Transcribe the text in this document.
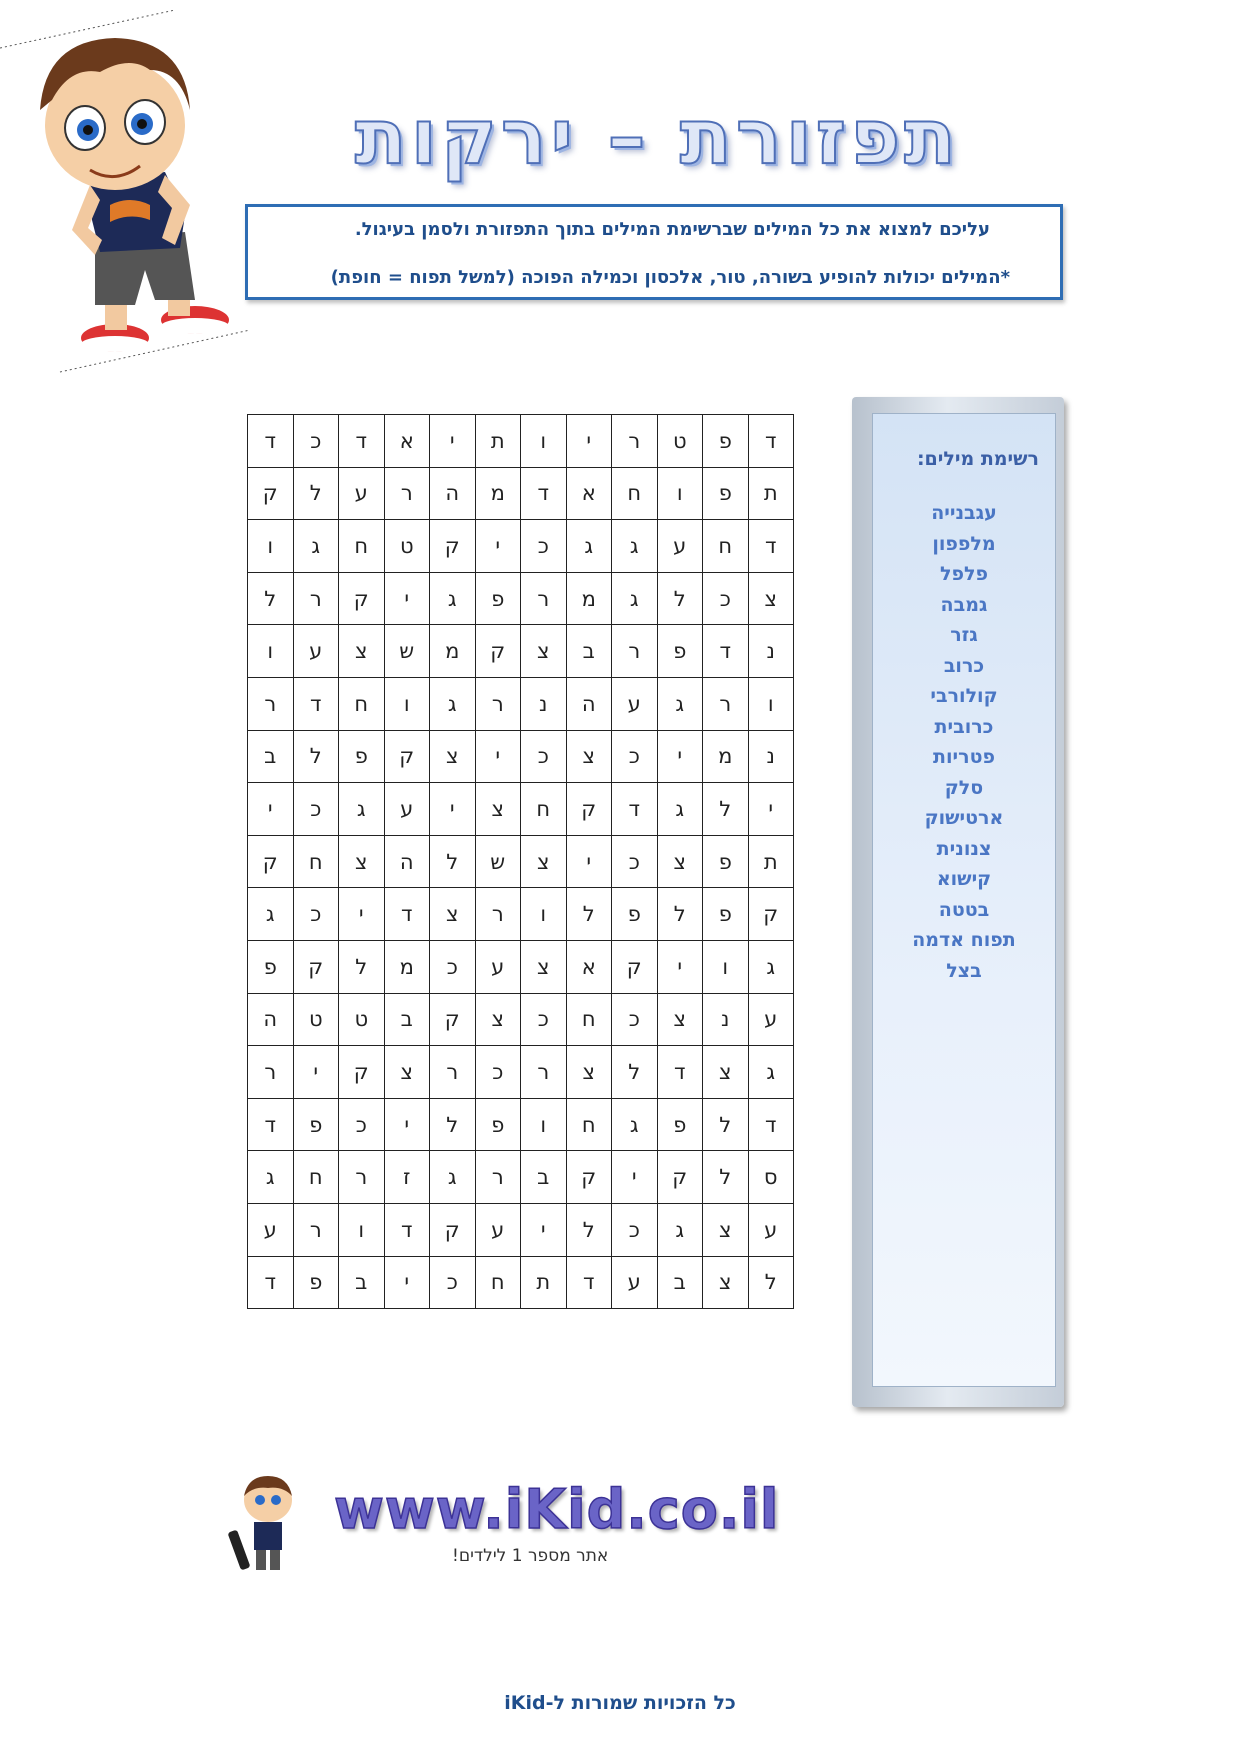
תפזורת – ירקות
עליכם למצוא את כל המילים שברשימת המילים בתוך התפזורת ולסמן בעיגול.
*המילים יכולות להופיע בשורה, טור, אלכסון וכמילה הפוכה (למשל תפוח = חופת)
ד	פ	ט	ר	י	ו	ת	י	א	ד	כ	ד
ת	פ	ו	ח	א	ד	מ	ה	ר	ע	ל	ק
ד	ח	ע	ג	ג	כ	י	ק	ט	ח	ג	ו
צ	כ	ל	ג	מ	ר	פ	ג	י	ק	ר	ל
נ	ד	פ	ר	ב	צ	ק	מ	ש	צ	ע	ו
ו	ר	ג	ע	ה	נ	ר	ג	ו	ח	ד	ר
נ	מ	י	כ	צ	כ	י	צ	ק	פ	ל	ב
י	ל	ג	ד	ק	ח	צ	י	ע	ג	כ	י
ת	פ	צ	כ	י	צ	ש	ל	ה	צ	ח	ק
ק	פ	ל	פ	ל	ו	ר	צ	ד	י	כ	ג
ג	ו	י	ק	א	צ	ע	כ	מ	ל	ק	פ
ע	נ	צ	כ	ח	כ	צ	ק	ב	ט	ט	ה
ג	צ	ד	ל	צ	ר	כ	ר	צ	ק	י	ר
ד	ל	פ	ג	ח	ו	פ	ל	י	כ	פ	ד
ס	ל	ק	י	ק	ב	ר	ג	ז	ר	ח	ג
ע	צ	ג	כ	ל	י	ע	ק	ד	ו	ר	ע
ל	צ	ב	ע	ד	ת	ח	כ	י	ב	פ	ד
רשימת מילים:
עגבנייה
מלפפון
פלפל
גמבה
גזר
כרוב
קולורבי
כרובית
פטריות
סלק
ארטישוק
צנונית
קישוא
בטטה
תפוח אדמה
בצל
www.iKid.co.il
אתר מספר 1 לילדים!
כל הזכויות שמורות ל-iKid
